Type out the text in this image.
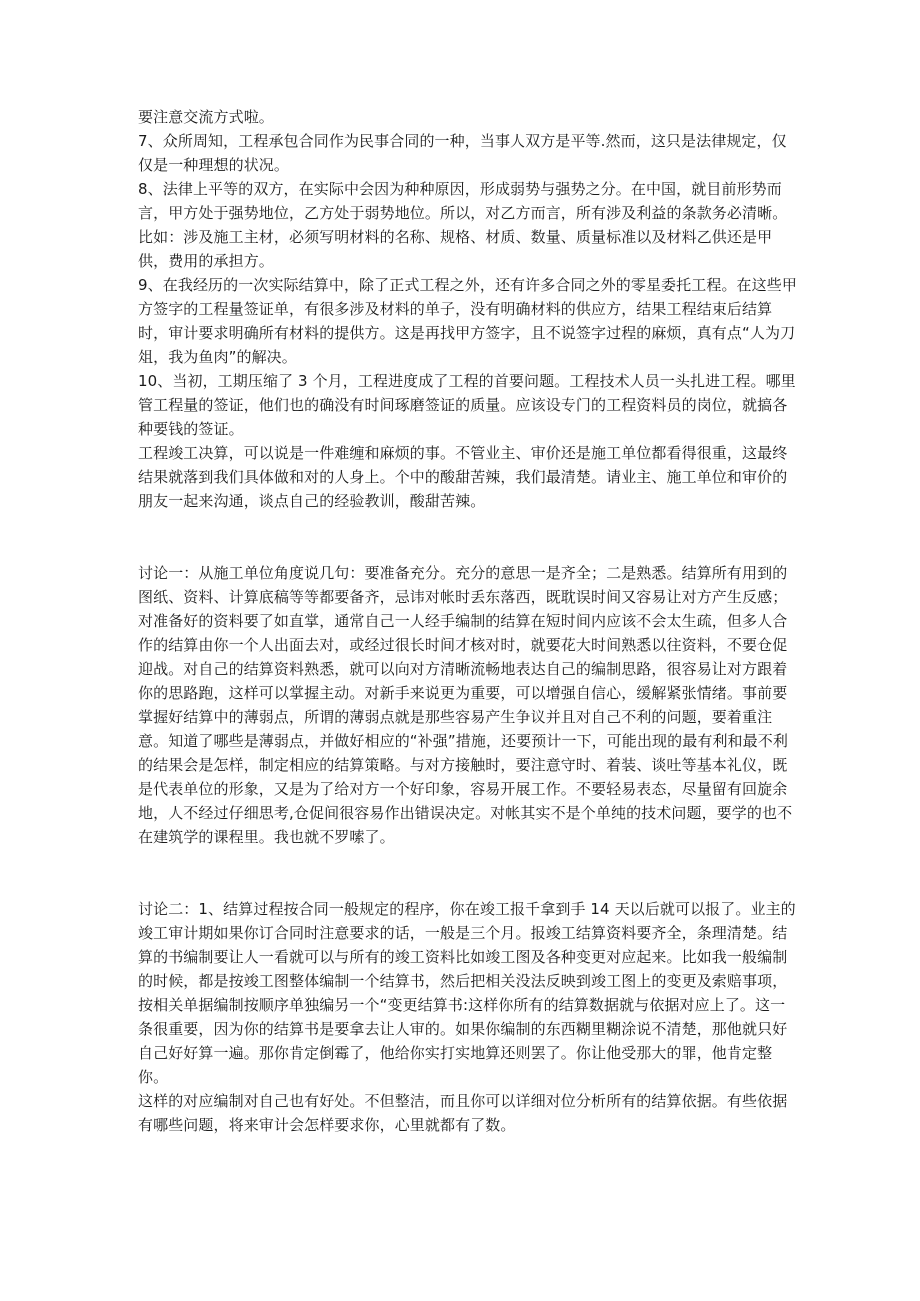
要注意交流方式啦。

7、众所周知，工程承包合同作为民事合同的一种，当事人双方是平等.然而，这只是法律规定，仅仅是一种理想的状况。

8、法律上平等的双方，在实际中会因为种种原因，形成弱势与强势之分。在中国，就目前形势而言，甲方处于强势地位，乙方处于弱势地位。所以，对乙方而言，所有涉及利益的条款务必清晰。

比如：涉及施工主材，必须写明材料的名称、规格、材质、数量、质量标准以及材料乙供还是甲供，费用的承担方。

9、在我经历的一次实际结算中，除了正式工程之外，还有许多合同之外的零星委托工程。在这些甲方签字的工程量签证单，有很多涉及材料的单子，没有明确材料的供应方，结果工程结束后结算时，审计要求明确所有材料的提供方。这是再找甲方签字，且不说签字过程的麻烦，真有点“人为刀俎，我为鱼肉”的解决。

10、当初，工期压缩了 3 个月，工程进度成了工程的首要问题。工程技术人员一头扎进工程。哪里管工程量的签证，他们也的确没有时间琢磨签证的质量。应该设专门的工程资料员的岗位，就搞各种要钱的签证。

工程竣工决算，可以说是一件难缠和麻烦的事。不管业主、审价还是施工单位都看得很重，这最终结果就落到我们具体做和对的人身上。个中的酸甜苦辣，我们最清楚。请业主、施工单位和审价的朋友一起来沟通，谈点自己的经验教训，酸甜苦辣。

讨论一：从施工单位角度说几句：要准备充分。充分的意思一是齐全；二是熟悉。结算所有用到的图纸、资料、计算底稿等等都要备齐，忌讳对帐时丢东落西，既耽误时间又容易让对方产生反感；对准备好的资料要了如直掌，通常自己一人经手编制的结算在短时间内应该不会太生疏，但多人合作的结算由你一个人出面去对，或经过很长时间才核对时，就要花大时间熟悉以往资料，不要仓促迎战。对自己的结算资料熟悉，就可以向对方清晰流畅地表达自己的编制思路，很容易让对方跟着你的思路跑，这样可以掌握主动。对新手来说更为重要，可以增强自信心，缓解紧张情绪。事前要掌握好结算中的薄弱点，所谓的薄弱点就是那些容易产生争议并且对自己不利的问题，要着重注意。知道了哪些是薄弱点，并做好相应的“补强”措施，还要预计一下，可能出现的最有利和最不利的结果会是怎样，制定相应的结算策略。与对方接触时，要注意守时、着装、谈吐等基本礼仪，既是代表单位的形象，又是为了给对方一个好印象，容易开展工作。不要轻易表态，尽量留有回旋余地，人不经过仔细思考,仓促间很容易作出错误决定。对帐其实不是个单纯的技术问题，要学的也不在建筑学的课程里。我也就不罗嗦了。

讨论二：1、结算过程按合同一般规定的程序，你在竣工报千拿到手 14 天以后就可以报了。业主的竣工审计期如果你订合同时注意要求的话，一般是三个月。报竣工结算资料要齐全，条理清楚。结算的书编制要让人一看就可以与所有的竣工资料比如竣工图及各种变更对应起来。比如我一般编制的时候，都是按竣工图整体编制一个结算书，然后把相关没法反映到竣工图上的变更及索赔事项，按相关单据编制按顺序单独编另一个“变更结算书:这样你所有的结算数据就与依据对应上了。这一条很重要，因为你的结算书是要拿去让人审的。如果你编制的东西糊里糊涂说不清楚，那他就只好自己好好算一遍。那你肯定倒霉了，他给你实打实地算还则罢了。你让他受那大的罪，他肯定整你。

这样的对应编制对自己也有好处。不但整洁，而且你可以详细对位分析所有的结算依据。有些依据有哪些问题，将来审计会怎样要求你，心里就都有了数。
